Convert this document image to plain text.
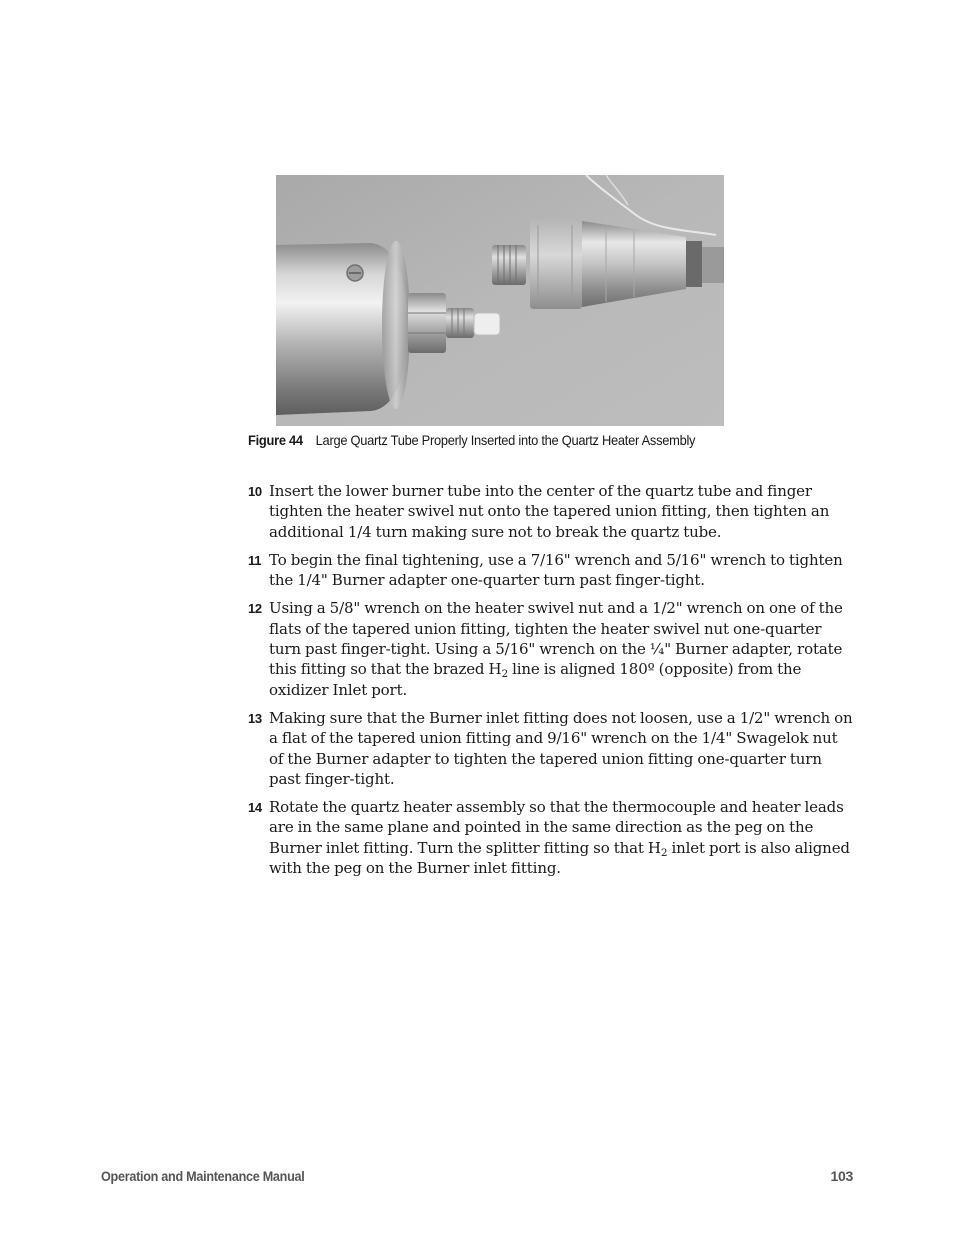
Figure 44 Large Quartz Tube Properly Inserted into the Quartz Heater Assembly
10 Insert the lower burner tube into the center of the quartz tube and finger tighten the heater swivel nut onto the tapered union fitting, then tighten an additional 1/4 turn making sure not to break the quartz tube.
11 To begin the final tightening, use a 7/16" wrench and 5/16" wrench to tighten the 1/4" Burner adapter one-quarter turn past finger-tight.
12 Using a 5/8" wrench on the heater swivel nut and a 1/2" wrench on one of the flats of the tapered union fitting, tighten the heater swivel nut one-quarter turn past finger-tight. Using a 5/16" wrench on the ¼" Burner adapter, rotate this fitting so that the brazed $H_2$ line is aligned 180º (opposite) from the oxidizer Inlet port.
13 Making sure that the Burner inlet fitting does not loosen, use a 1/2" wrench on a flat of the tapered union fitting and 9/16" wrench on the 1/4" Swagelok nut of the Burner adapter to tighten the tapered union fitting one-quarter turn past finger-tight.
14 Rotate the quartz heater assembly so that the thermocouple and heater leads are in the same plane and pointed in the same direction as the peg on the Burner inlet fitting. Turn the splitter fitting so that $H_2$ inlet port is also aligned with the peg on the Burner inlet fitting.
Operation and Maintenance Manual	103
